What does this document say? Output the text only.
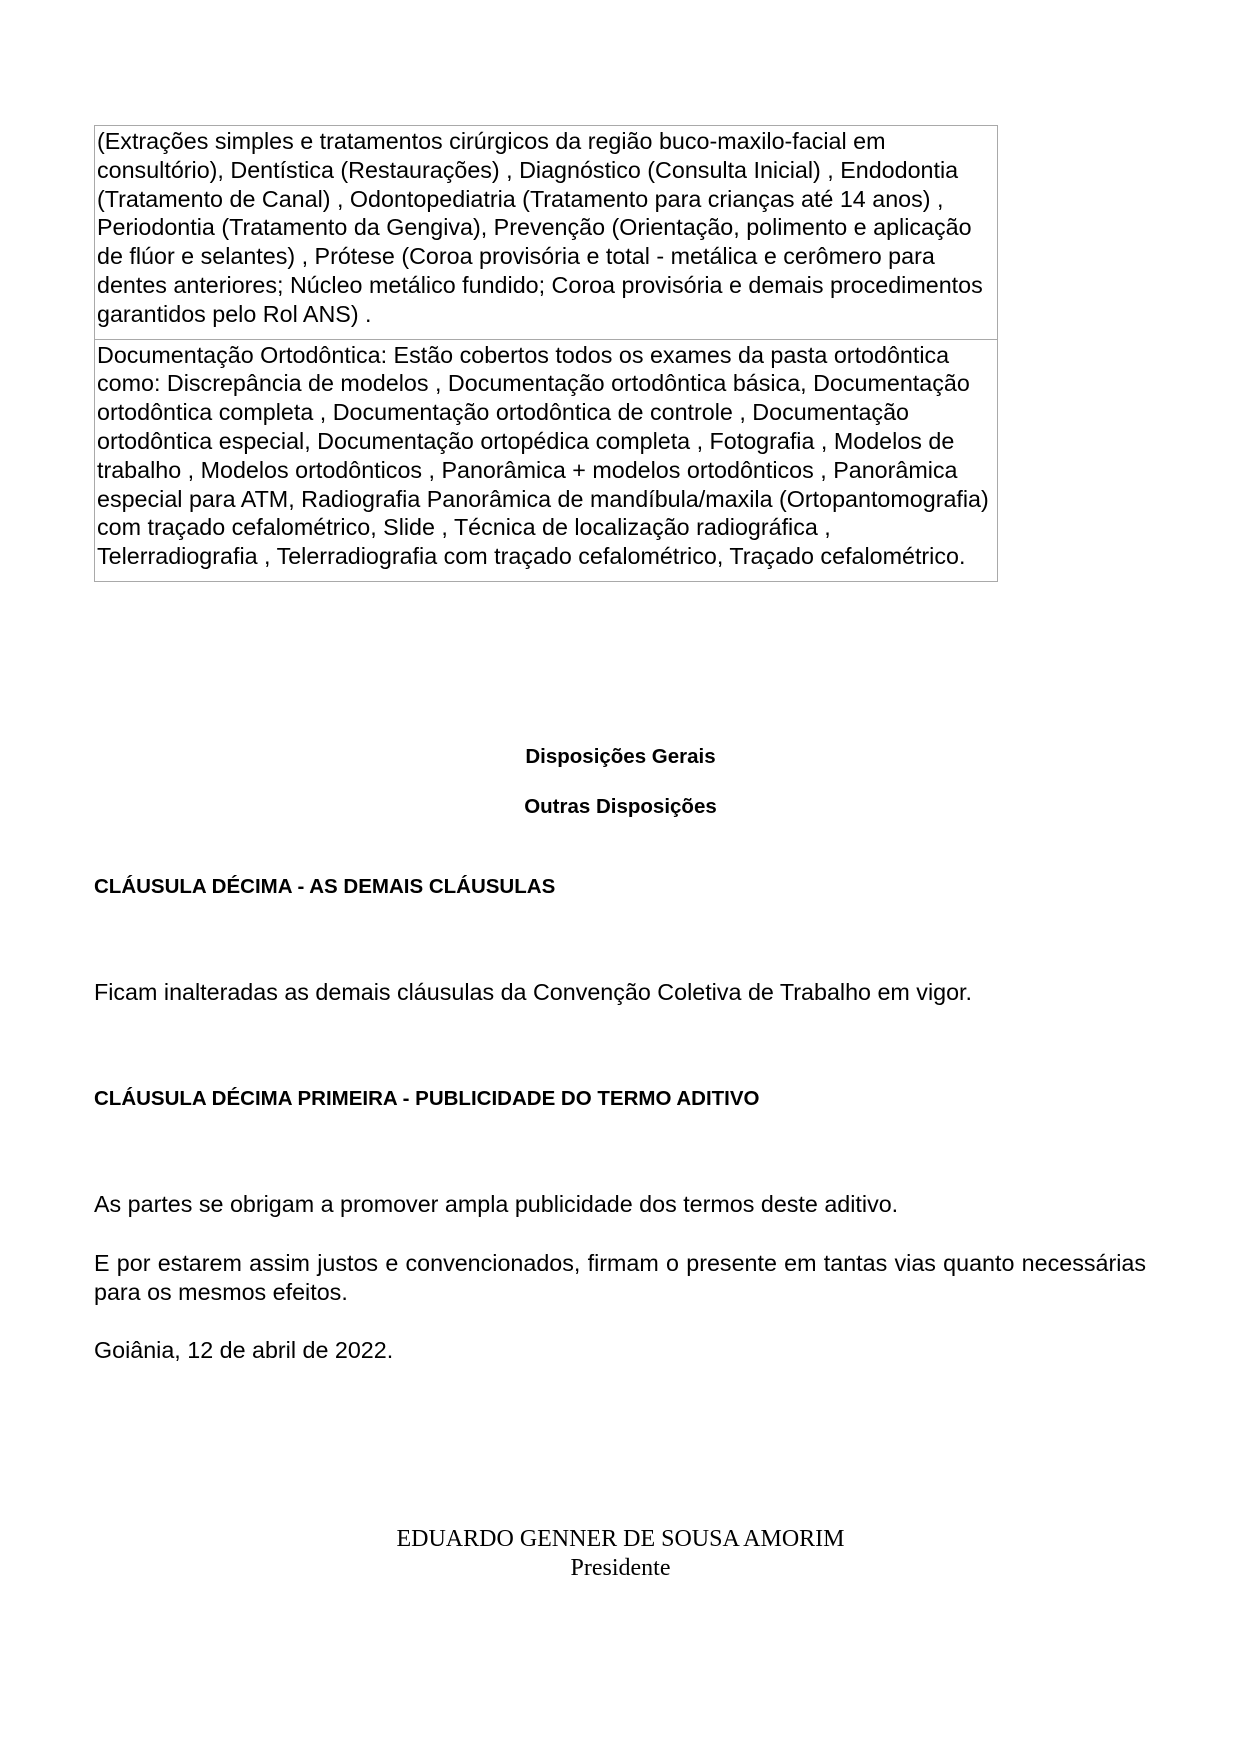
(Extrações simples e tratamentos cirúrgicos da região buco-maxilo-facial em consultório), Dentística (Restaurações) , Diagnóstico (Consulta Inicial) , Endodontia (Tratamento de Canal) , Odontopediatria (Tratamento para crianças até 14 anos) , Periodontia (Tratamento da Gengiva), Prevenção (Orientação, polimento e aplicação de flúor e selantes) , Prótese (Coroa provisória e total - metálica e cerômero para dentes anteriores; Núcleo metálico fundido; Coroa provisória e demais procedimentos garantidos pelo Rol ANS) .
Documentação Ortodôntica: Estão cobertos todos os exames da pasta ortodôntica como: Discrepância de modelos , Documentação ortodôntica básica, Documentação ortodôntica completa , Documentação ortodôntica de controle , Documentação ortodôntica especial, Documentação ortopédica completa , Fotografia , Modelos de trabalho , Modelos ortodônticos , Panorâmica + modelos ortodônticos , Panorâmica especial para ATM, Radiografia Panorâmica de mandíbula/maxila (Ortopantomografia) com traçado cefalométrico, Slide , Técnica de localização radiográfica , Telerradiografia , Telerradiografia com traçado cefalométrico, Traçado cefalométrico.
Disposições Gerais
Outras Disposições
CLÁUSULA DÉCIMA - AS DEMAIS CLÁUSULAS
Ficam inalteradas as demais cláusulas da Convenção Coletiva de Trabalho em vigor.
CLÁUSULA DÉCIMA PRIMEIRA - PUBLICIDADE DO TERMO ADITIVO
As partes se obrigam a promover ampla publicidade dos termos deste aditivo.
E por estarem assim justos e convencionados, firmam o presente em tantas vias quanto necessárias para os mesmos efeitos.
Goiânia, 12 de abril de 2022.
EDUARDO GENNER DE SOUSA AMORIM
Presidente
